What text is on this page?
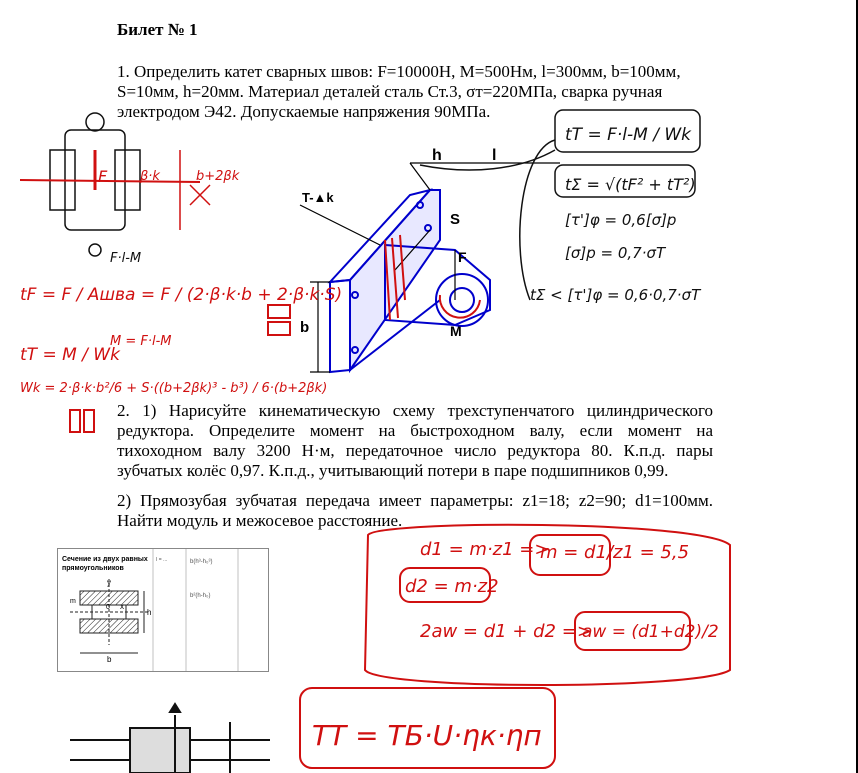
Билет № 1
1. Определить катет сварных швов: F=10000H, M=500Нм, l=300мм, b=100мм,
S=10мм, h=20мм. Материал деталей сталь Ст.3, σт=220МПа, сварка ручная
электродом Э42. Допускаемые напряжения 90МПа.
2. 1) Нарисуйте кинематическую схему трехступенчатого цилиндрического редуктора. Определите момент на быстроходном валу, если момент на тихоходном валу 3200 Н·м, передаточное число редуктора 80. К.п.д. пары зубчатых колёс 0,97. К.п.д., учитывающий потери в паре подшипников 0,99.
2) Прямозубая зубчатая передача имеет параметры: z1=18; z2=90; d1=100мм. Найти модуль и межосевое расстояние.
Сечение из двух равных прямоугольников
y
x
0
h
b
m
I = ...	b(h³-h₀³)
b²(h-h₀)
h	l
S
F
M
b
T-▲k
F	β·k	b+2βk
F·l-M
tF = F / Aшва = F / (2·β·k·b + 2·β·k·S)
tT = M / Wk
M = F·l-M
Wk = 2·β·k·b²/6 + S·((b+2βk)³ - b³) / 6·(b+2βk)
tT = F·l-M / Wk
tΣ = √(tF² + tT²)
[τ']φ = 0,6[σ]p
[σ]p = 0,7·σT
tΣ < [τ']φ = 0,6·0,7·σT
d1 = m·z1 =>
m = d1/z1 = 5,5
d2 = m·z2
2aw = d1 + d2 =>
aw = (d1+d2)/2
TT = TБ·U·ηк·ηп
